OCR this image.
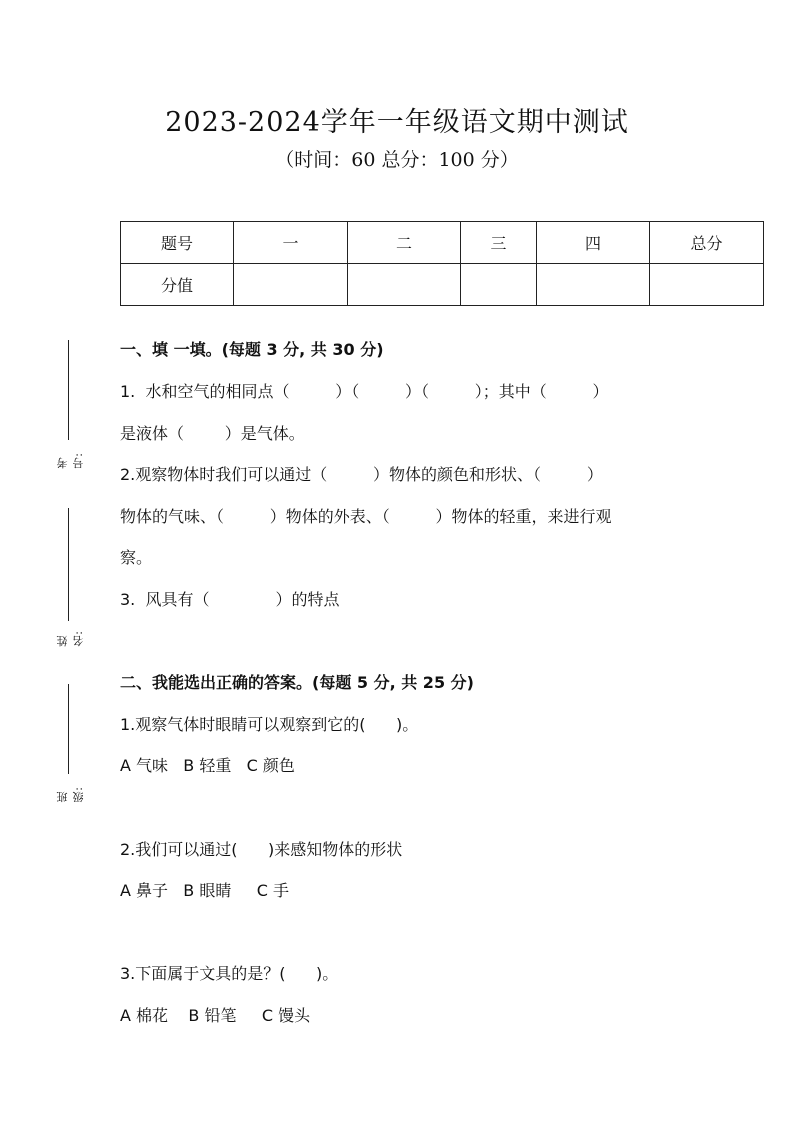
2023-2024学年一年级语文期中测试
（时间：60 总分：100 分）
题号	一	二	三	四	总分
分值					
考号:
姓名:
班级:
一、填 一填。(每题 3 分, 共 30 分)
1.  水和空气的相同点（         ）（         ）（         ）；其中（         ）
是液体（        ）是气体。
2.观察物体时我们可以通过（         ）物体的颜色和形状、（         ）
物体的气味、（         ）物体的外表、（         ）物体的轻重，来进行观
察。
3.  风具有（             ）的特点
二、我能选出正确的答案。(每题 5 分, 共 25 分)
1.观察气体时眼睛可以观察到它的(      )。
A 气味   B 轻重   C 颜色
2.我们可以通过(      )来感知物体的形状
A 鼻子   B 眼睛     C 手
3.下面属于文具的是？(      )。
A 棉花    B 铅笔     C 馒头
